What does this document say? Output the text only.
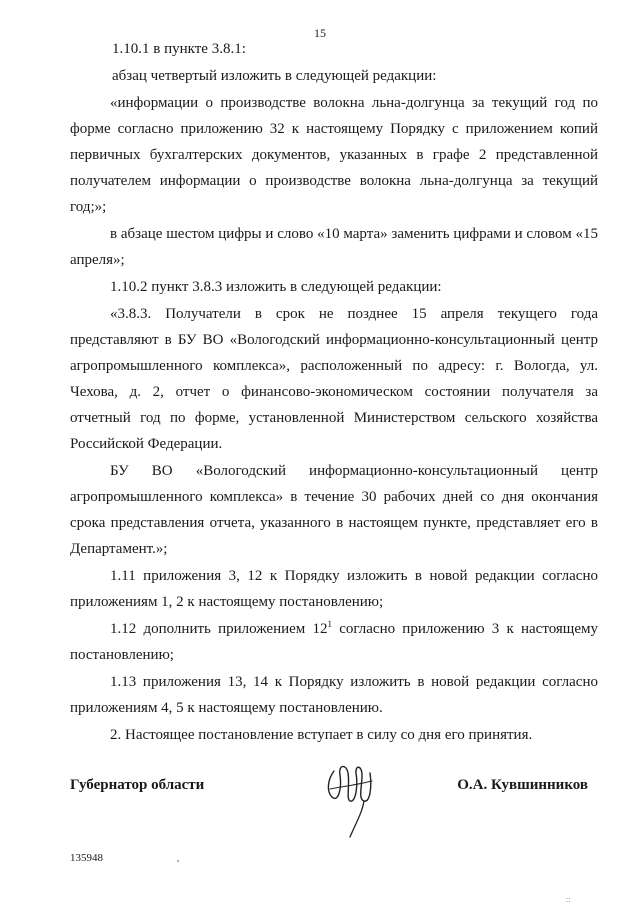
15

1.10.1 в пункте 3.8.1:

абзац четвертый изложить в следующей редакции:

«информации о производстве волокна льна-долгунца за текущий год по форме согласно приложению 32 к настоящему Порядку с приложением копий первичных бухгалтерских документов, указанных в графе 2 представленной получателем информации о производстве волокна льна-долгунца за текущий год;»;

в абзаце шестом цифры и слово «10 марта» заменить цифрами и словом «15 апреля»;

1.10.2 пункт 3.8.3 изложить в следующей редакции:

«3.8.3. Получатели в срок не позднее 15 апреля текущего года представляют в БУ ВО «Вологодский информационно-консультационный центр агропромышленного комплекса», расположенный по адресу: г. Вологда, ул. Чехова, д. 2, отчет о финансово-экономическом состоянии получателя за отчетный год по форме, установленной Министерством сельского хозяйства Российской Федерации.

БУ ВО «Вологодский информационно-консультационный центр агропромышленного комплекса» в течение 30 рабочих дней со дня окончания срока представления отчета, указанного в настоящем пункте, представляет его в Департамент.»;

1.11 приложения 3, 12 к Порядку изложить в новой редакции согласно приложениям 1, 2 к настоящему постановлению;

1.12 дополнить приложением $12^1$ согласно приложению 3 к настоящему постановлению;

1.13 приложения 13, 14 к Порядку изложить в новой редакции согласно приложениям 4, 5 к настоящему постановлению.

2. Настоящее постановление вступает в силу со дня его принятия.

Губернатор области	О.А. Кувшинников
135948
::
